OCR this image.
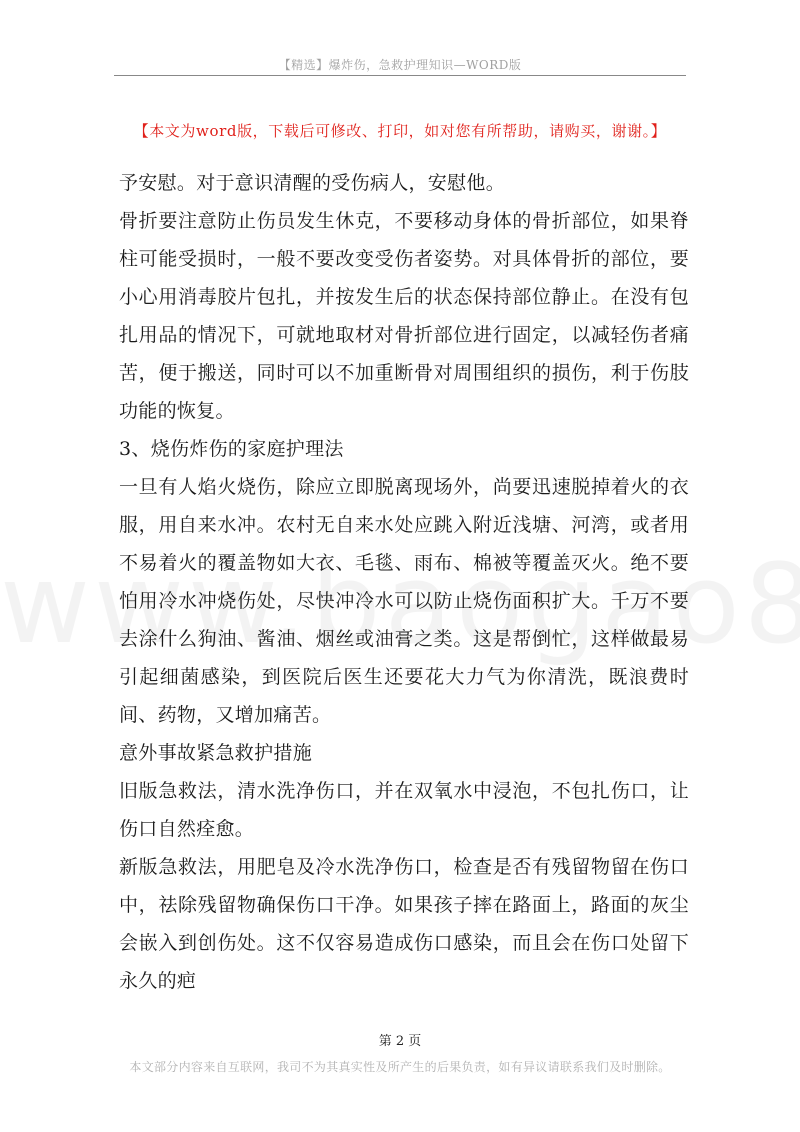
【精选】爆炸伤，急救护理知识—WORD版
【本文为word版，下载后可修改、打印，如对您有所帮助，请购买，谢谢。】

予安慰。对于意识清醒的受伤病人，安慰他。

骨折要注意防止伤员发生休克，不要移动身体的骨折部位，如果脊柱可能受损时，一般不要改变受伤者姿势。对具体骨折的部位，要小心用消毒胶片包扎，并按发生后的状态保持部位静止。在没有包扎用品的情况下，可就地取材对骨折部位进行固定，以减轻伤者痛苦，便于搬送，同时可以不加重断骨对周围组织的损伤，利于伤肢功能的恢复。

3、烧伤炸伤的家庭护理法

一旦有人焰火烧伤，除应立即脱离现场外，尚要迅速脱掉着火的衣服，用自来水冲。农村无自来水处应跳入附近浅塘、河湾，或者用不易着火的覆盖物如大衣、毛毯、雨布、棉被等覆盖灭火。绝不要怕用冷水冲烧伤处，尽快冲冷水可以防止烧伤面积扩大。千万不要去涂什么狗油、酱油、烟丝或油膏之类。这是帮倒忙，这样做最易引起细菌感染，到医院后医生还要花大力气为你清洗，既浪费时间、药物，又增加痛苦。

意外事故紧急救护措施

旧版急救法，清水洗净伤口，并在双氧水中浸泡，不包扎伤口，让伤口自然痊愈。

新版急救法，用肥皂及冷水洗净伤口，检查是否有残留物留在伤口中，祛除残留物确保伤口干净。如果孩子摔在路面上，路面的灰尘会嵌入到创伤处。这不仅容易造成伤口感染，而且会在伤口处留下永久的疤

第 2 页
本文部分内容来自互联网，我司不为其真实性及所产生的后果负责，如有异议请联系我们及时删除。
